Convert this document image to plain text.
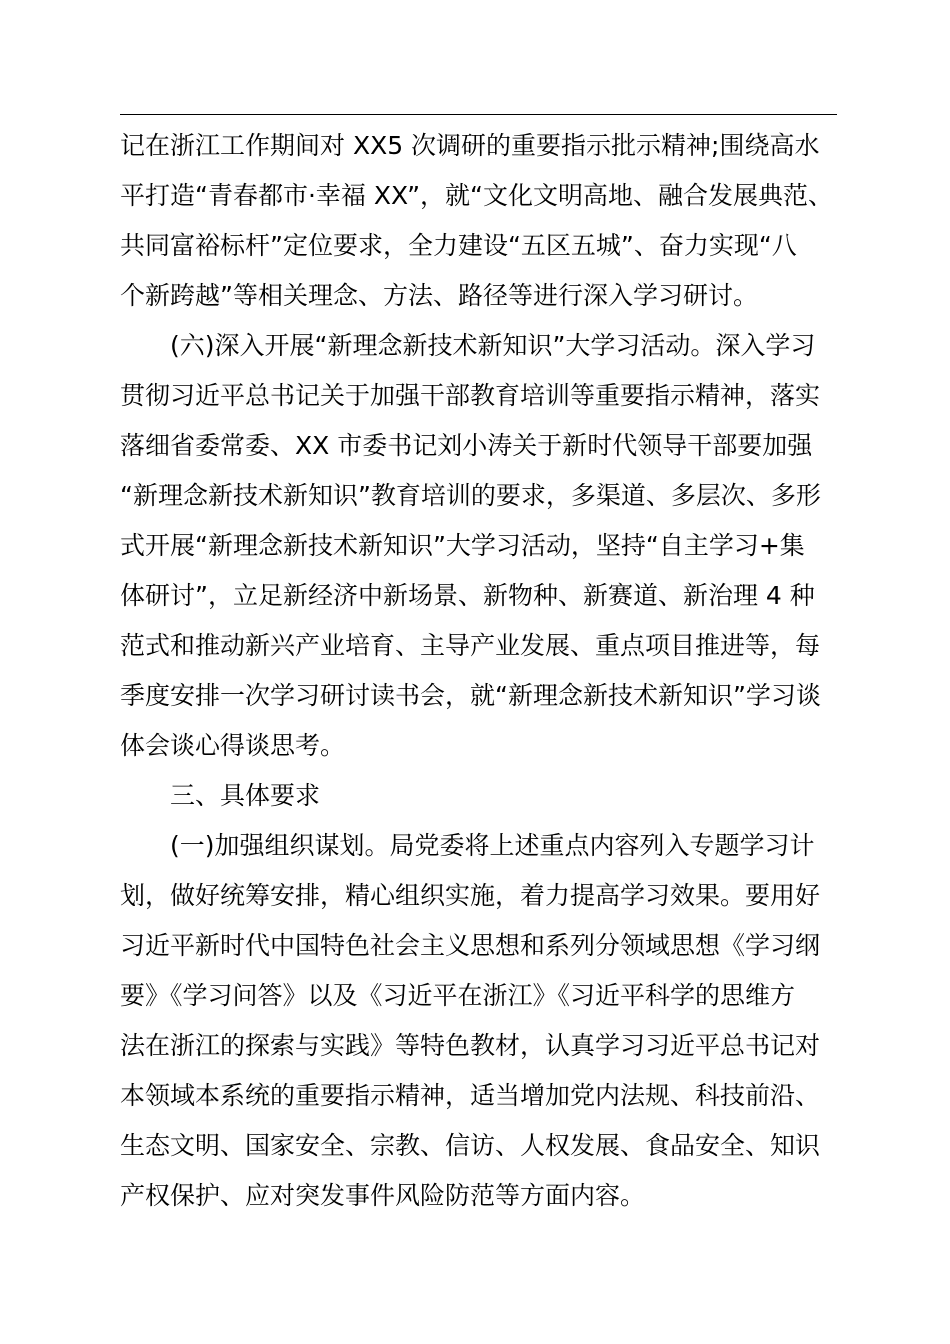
记在浙江工作期间对 XX5 次调研的重要指示批示精神;围绕高水
平打造“青春都市·幸福 XX”，就“文化文明高地、融合发展典范、
共同富裕标杆”定位要求，全力建设“五区五城”、奋力实现“八
个新跨越”等相关理念、方法、路径等进行深入学习研讨。
(六)深入开展“新理念新技术新知识”大学习活动。深入学习
贯彻习近平总书记关于加强干部教育培训等重要指示精神，落实
落细省委常委、XX 市委书记刘小涛关于新时代领导干部要加强
“新理念新技术新知识”教育培训的要求，多渠道、多层次、多形
式开展“新理念新技术新知识”大学习活动，坚持“自主学习+集
体研讨”，立足新经济中新场景、新物种、新赛道、新治理 4 种
范式和推动新兴产业培育、主导产业发展、重点项目推进等，每
季度安排一次学习研讨读书会，就“新理念新技术新知识”学习谈
体会谈心得谈思考。
三、具体要求
(一)加强组织谋划。局党委将上述重点内容列入专题学习计
划，做好统筹安排，精心组织实施，着力提高学习效果。要用好
习近平新时代中国特色社会主义思想和系列分领域思想《学习纲
要》《学习问答》以及《习近平在浙江》《习近平科学的思维方
法在浙江的探索与实践》等特色教材，认真学习习近平总书记对
本领域本系统的重要指示精神，适当增加党内法规、科技前沿、
生态文明、国家安全、宗教、信访、人权发展、食品安全、知识
产权保护、应对突发事件风险防范等方面内容。
